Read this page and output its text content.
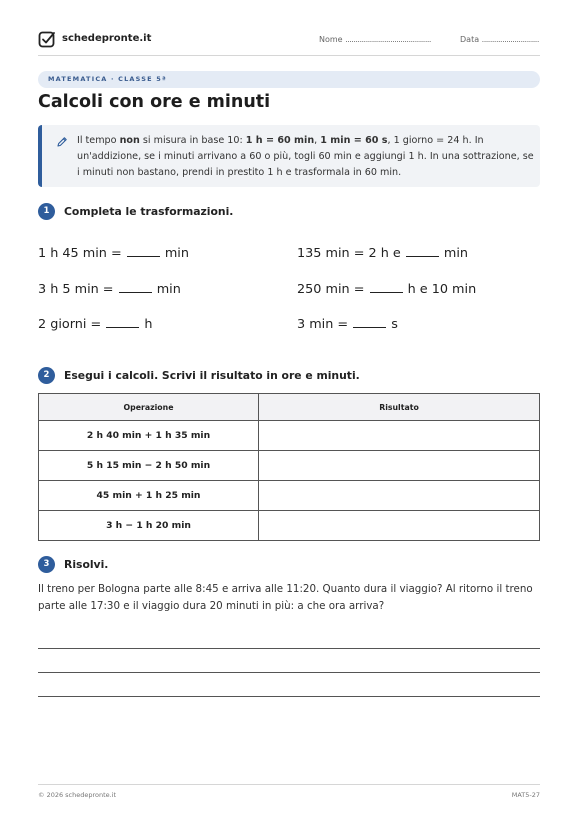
schedepronte.it	Nome ..........................................	Data ............................
MATEMATICA · CLASSE 5ª
Calcoli con ore e minuti
Il tempo non si misura in base 10: 1 h = 60 min, 1 min = 60 s, 1 giorno = 24 h. In un'addizione, se i minuti arrivano a 60 o più, togli 60 min e aggiungi 1 h. In una sottrazione, se i minuti non bastano, prendi in prestito 1 h e trasformala in 60 min.
1	Completa le trasformazioni.
1 h 45 min =	min	135 min = 2 h e	min
3 h 5 min =	min	250 min =	h e 10 min
2 giorni =	h	3 min =	s
2	Esegui i calcoli. Scrivi il risultato in ore e minuti.
Operazione	Risultato
2 h 40 min + 1 h 35 min	
5 h 15 min − 2 h 50 min	
45 min + 1 h 25 min	
3 h − 1 h 20 min	
3	Risolvi.
Il treno per Bologna parte alle 8:45 e arriva alle 11:20. Quanto dura il viaggio? Al ritorno il treno parte alle 17:30 e il viaggio dura 20 minuti in più: a che ora arriva?
© 2026 schedepronte.it	MAT5-27
